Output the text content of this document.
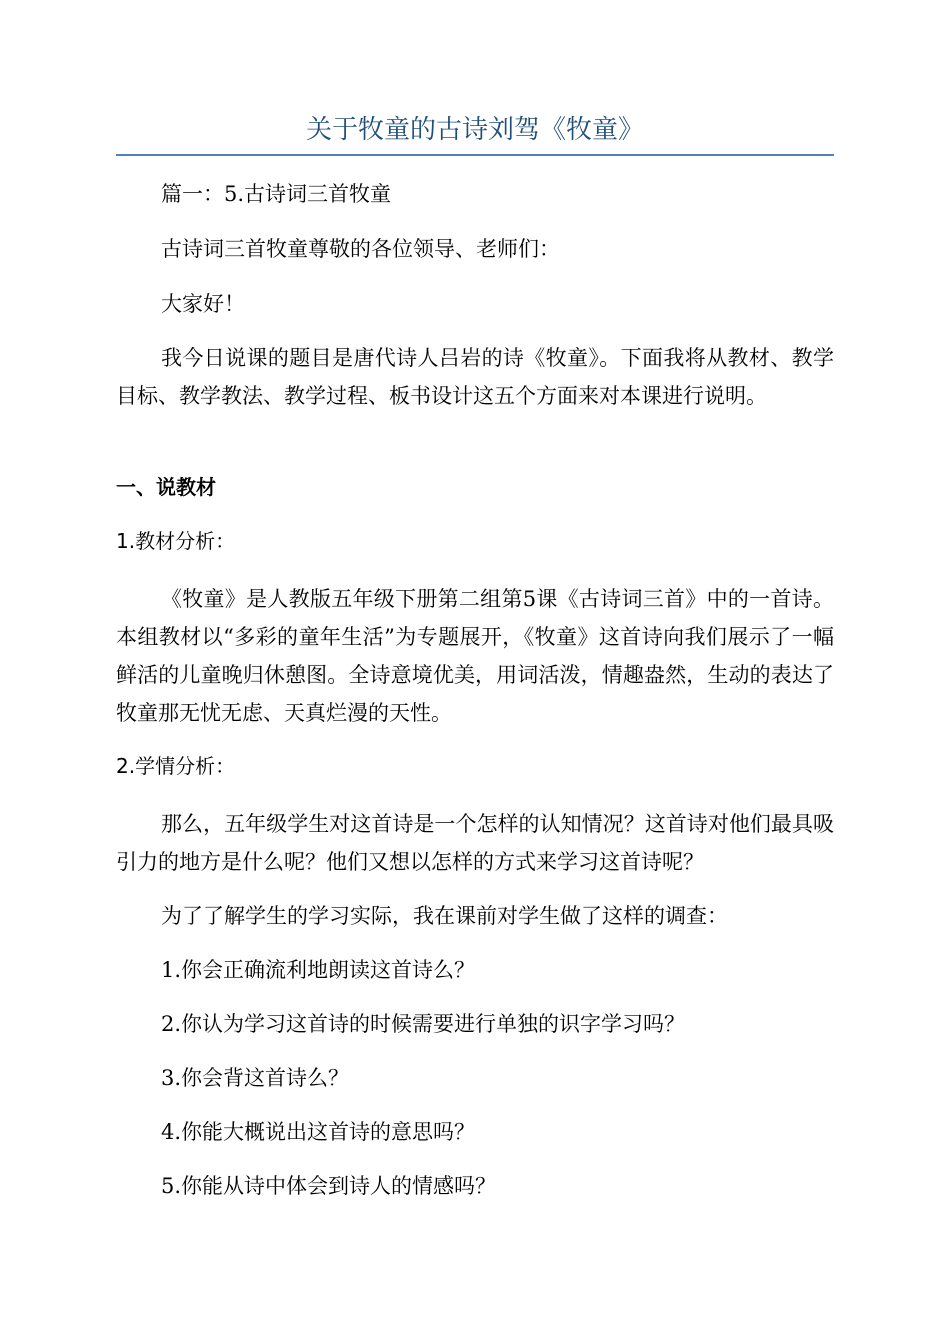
关于牧童的古诗刘驾《牧童》

篇一：5.古诗词三首牧童

古诗词三首牧童尊敬的各位领导、老师们：

大家好！

我今日说课的题目是唐代诗人吕岩的诗《牧童》。下面我将从教材、教学目标、教学教法、教学过程、板书设计这五个方面来对本课进行说明。

一、说教材

1.教材分析：

《牧童》是人教版五年级下册第二组第5课《古诗词三首》中的一首诗。本组教材以“多彩的童年生活”为专题展开，《牧童》这首诗向我们展示了一幅鲜活的儿童晚归休憩图。全诗意境优美，用词活泼，情趣盎然，生动的表达了牧童那无忧无虑、天真烂漫的天性。

2.学情分析：

那么，五年级学生对这首诗是一个怎样的认知情况？这首诗对他们最具吸引力的地方是什么呢？他们又想以怎样的方式来学习这首诗呢？

为了了解学生的学习实际，我在课前对学生做了这样的调查：

1.你会正确流利地朗读这首诗么？

2.你认为学习这首诗的时候需要进行单独的识字学习吗？

3.你会背这首诗么？

4.你能大概说出这首诗的意思吗？

5.你能从诗中体会到诗人的情感吗？
